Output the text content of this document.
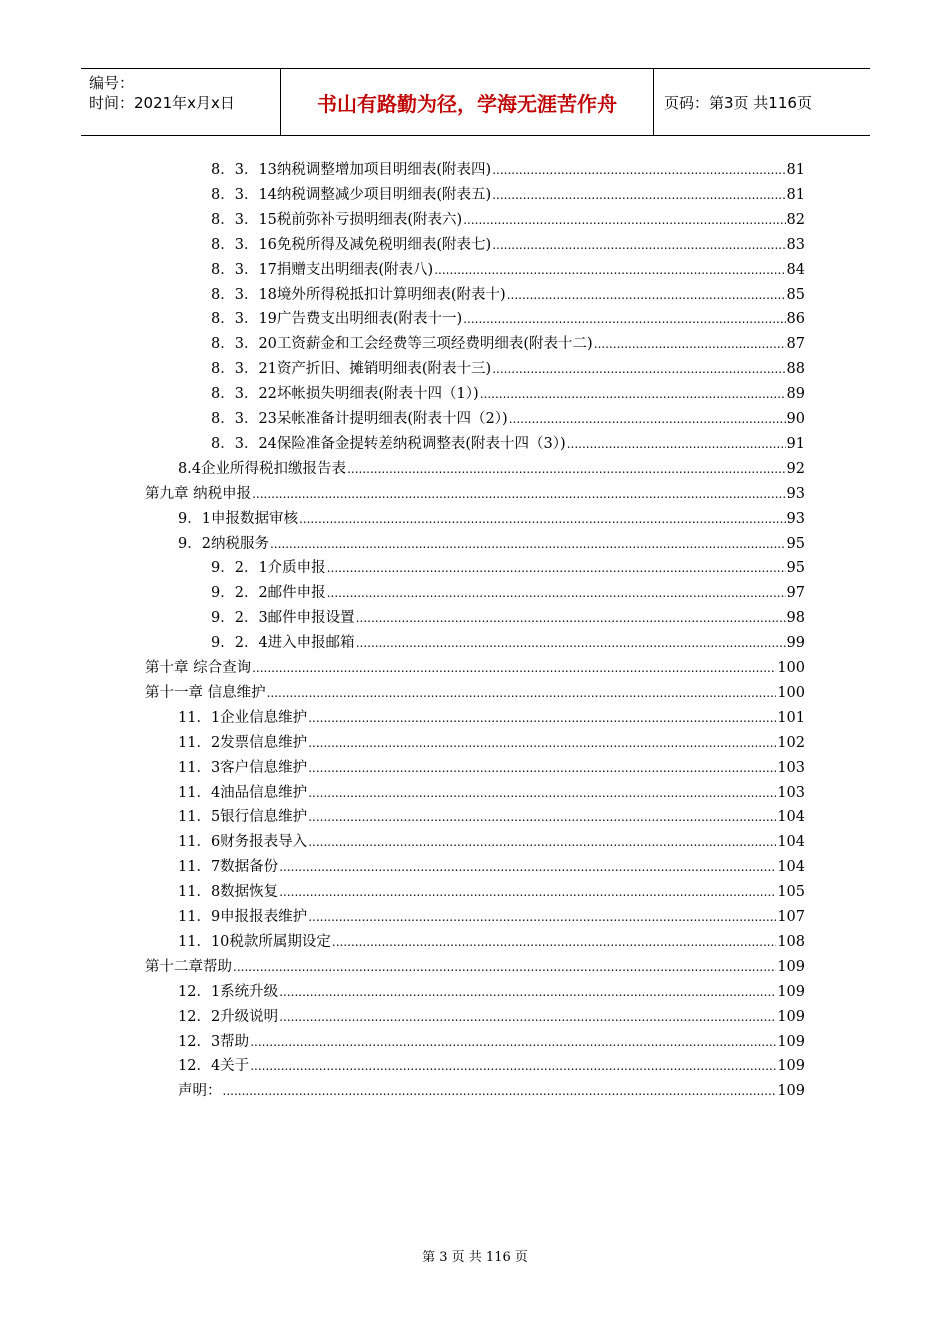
编号：
时间：2021年x月x日	书山有路勤为径，学海无涯苦作舟	页码：第3页 共116页
8．3．13纳税调整增加项目明细表(附表四) .....	81
8．3．14纳税调整减少项目明细表(附表五) .....	81
8．3．15税前弥补亏损明细表(附表六) .....	82
8．3．16免税所得及减免税明细表(附表七) .....	83
8．3．17捐赠支出明细表(附表八) .....	84
8．3．18境外所得税抵扣计算明细表(附表十) .....	85
8．3．19广告费支出明细表(附表十一) .....	86
8．3．20工资薪金和工会经费等三项经费明细表(附表十二) .....	87
8．3．21资产折旧、摊销明细表(附表十三) .....	88
8．3．22坏帐损失明细表(附表十四（1）) .....	89
8．3．23呆帐准备计提明细表(附表十四（2）) .....	90
8．3．24保险准备金提转差纳税调整表(附表十四（3）) .....	91
8.4企业所得税扣缴报告表 .....	92
第九章 纳税申报 .....	93
9．1申报数据审核 .....	93
9．2纳税服务 .....	95
9．2．1介质申报 .....	95
9．2．2邮件申报 .....	97
9．2．3邮件申报设置 .....	98
9．2．4进入申报邮箱 .....	99
第十章 综合查询 .....	100
第十一章 信息维护 .....	100
11．1企业信息维护 .....	101
11．2发票信息维护 .....	102
11．3客户信息维护 .....	103
11．4油品信息维护 .....	103
11．5银行信息维护 .....	104
11．6财务报表导入 .....	104
11．7数据备份 .....	104
11．8数据恢复 .....	105
11．9申报报表维护 .....	107
11．10税款所属期设定 .....	108
第十二章帮助 .....	109
12．1系统升级 .....	109
12．2升级说明 .....	109
12．3帮助 .....	109
12．4关于 .....	109
声明： .....	109
第 3 页 共 116 页
